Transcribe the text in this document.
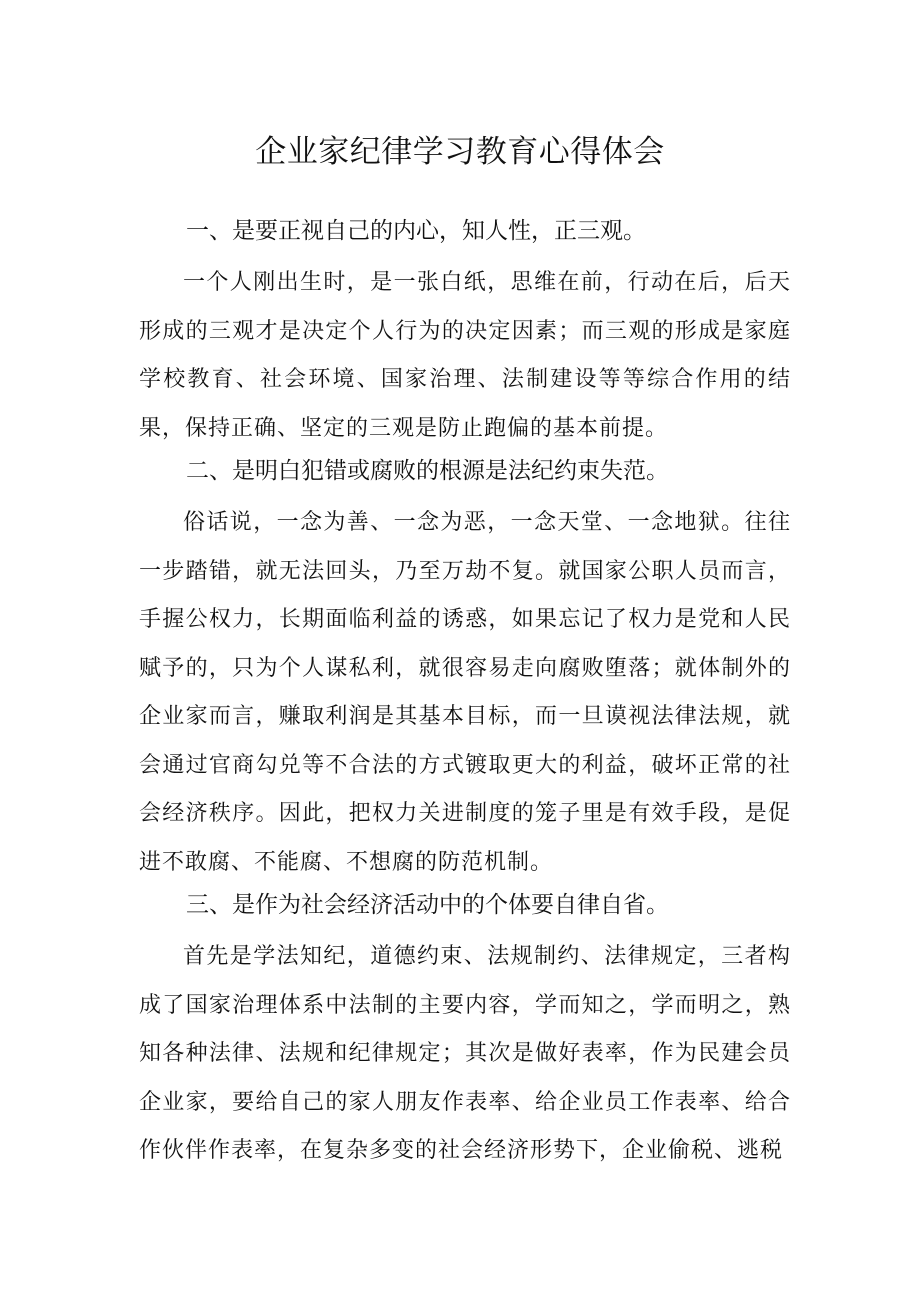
企业家纪律学习教育心得体会
一、是要正视自己的内心，知人性，正三观。

一个人刚出生时，是一张白纸，思维在前，行动在后，后天形成的三观才是决定个人行为的决定因素；而三观的形成是家庭学校教育、社会环境、国家治理、法制建设等等综合作用的结果，保持正确、坚定的三观是防止跑偏的基本前提。

二、是明白犯错或腐败的根源是法纪约束失范。

俗话说，一念为善、一念为恶，一念天堂、一念地狱。往往一步踏错，就无法回头，乃至万劫不复。就国家公职人员而言，手握公权力，长期面临利益的诱惑，如果忘记了权力是党和人民赋予的，只为个人谋私利，就很容易走向腐败堕落；就体制外的企业家而言，赚取利润是其基本目标，而一旦谟视法律法规，就会通过官商勾兑等不合法的方式镀取更大的利益，破坏正常的社会经济秩序。因此，把权力关进制度的笼子里是有效手段，是促进不敢腐、不能腐、不想腐的防范机制。

三、是作为社会经济活动中的个体要自律自省。

首先是学法知纪，道德约束、法规制约、法律规定，三者构成了国家治理体系中法制的主要内容，学而知之，学而明之，熟知各种法律、法规和纪律规定；其次是做好表率，作为民建会员企业家，要给自己的家人朋友作表率、给企业员工作表率、给合作伙伴作表率，在复杂多变的社会经济形势下，企业偷税、逃税
